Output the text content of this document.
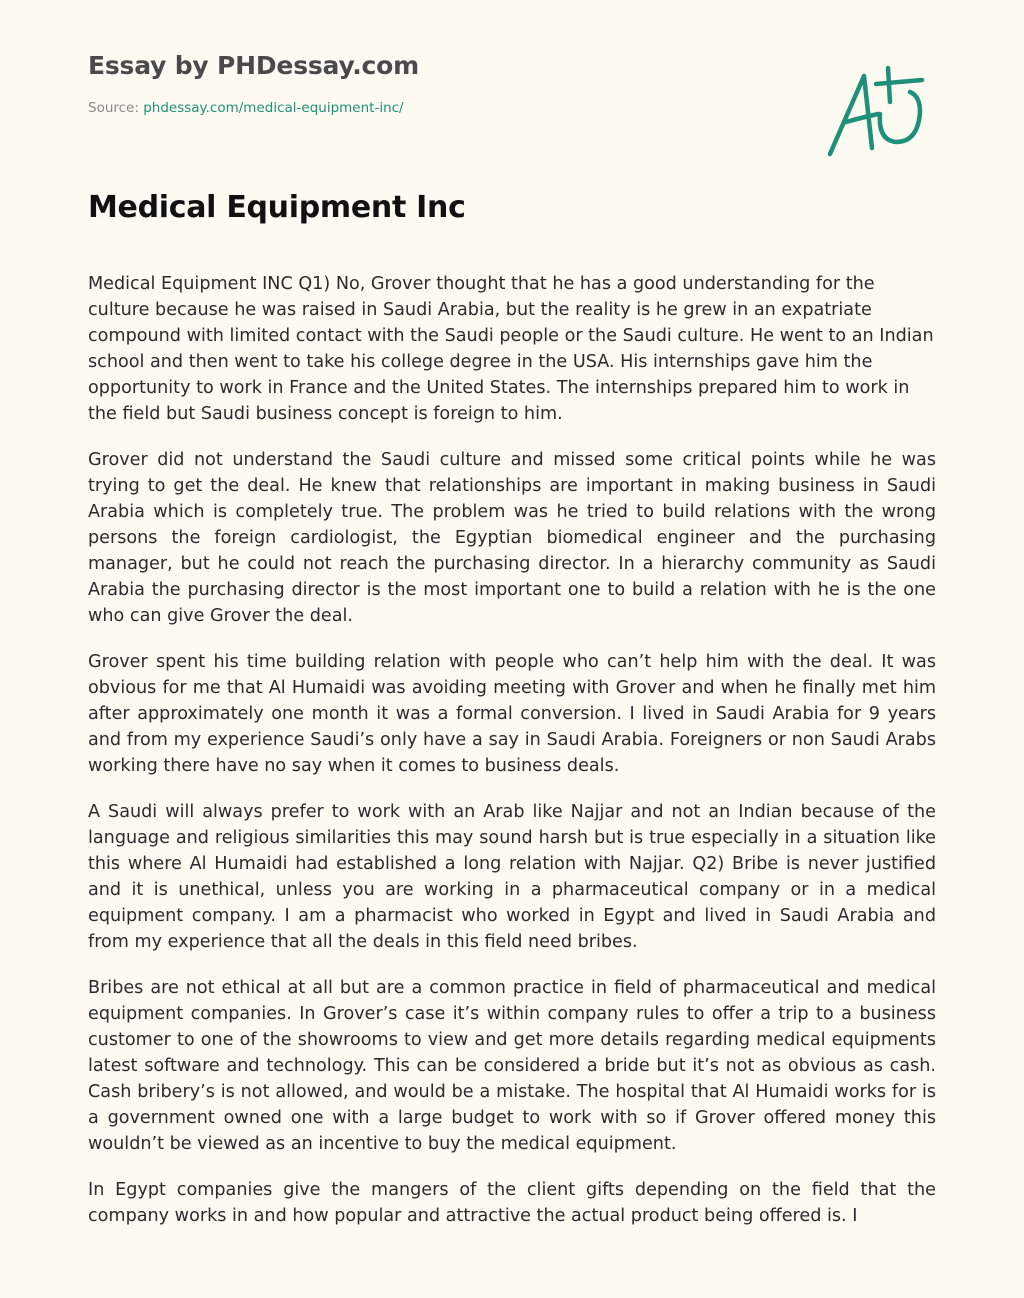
Essay by PHDessay.com
Source: phdessay.com/medical-equipment-inc/
Medical Equipment Inc

Medical Equipment INC Q1) No, Grover thought that he has a good understanding for the culture because he was raised in Saudi Arabia, but the reality is he grew in an expatriate compound with limited contact with the Saudi people or the Saudi culture. He went to an Indian school and then went to take his college degree in the USA. His internships gave him the opportunity to work in France and the United States. The internships prepared him to work in the field but Saudi business concept is foreign to him.

Grover did not understand the Saudi culture and missed some critical points while he was trying to get the deal. He knew that relationships are important in making business in Saudi Arabia which is completely true. The problem was he tried to build relations with the wrong persons the foreign cardiologist, the Egyptian biomedical engineer and the purchasing manager, but he could not reach the purchasing director. In a hierarchy community as Saudi Arabia the purchasing director is the most important one to build a relation with he is the one who can give Grover the deal.

Grover spent his time building relation with people who can’t help him with the deal. It was obvious for me that Al Humaidi was avoiding meeting with Grover and when he finally met him after approximately one month it was a formal conversion. I lived in Saudi Arabia for 9 years and from my experience Saudi’s only have a say in Saudi Arabia. Foreigners or non Saudi Arabs working there have no say when it comes to business deals.

A Saudi will always prefer to work with an Arab like Najjar and not an Indian because of the language and religious similarities this may sound harsh but is true especially in a situation like this where Al Humaidi had established a long relation with Najjar. Q2) Bribe is never justified and it is unethical, unless you are working in a pharmaceutical company or in a medical equipment company. I am a pharmacist who worked in Egypt and lived in Saudi Arabia and from my experience that all the deals in this field need bribes.

Bribes are not ethical at all but are a common practice in field of pharmaceutical and medical equipment companies. In Grover’s case it’s within company rules to offer a trip to a business customer to one of the showrooms to view and get more details regarding medical equipments latest software and technology. This can be considered a bride but it’s not as obvious as cash. Cash bribery’s is not allowed, and would be a mistake. The hospital that Al Humaidi works for is a government owned one with a large budget to work with so if Grover offered money this wouldn’t be viewed as an incentive to buy the medical equipment.

In Egypt companies give the mangers of the client gifts depending on the field that the company works in and how popular and attractive the actual product being offered is. I
